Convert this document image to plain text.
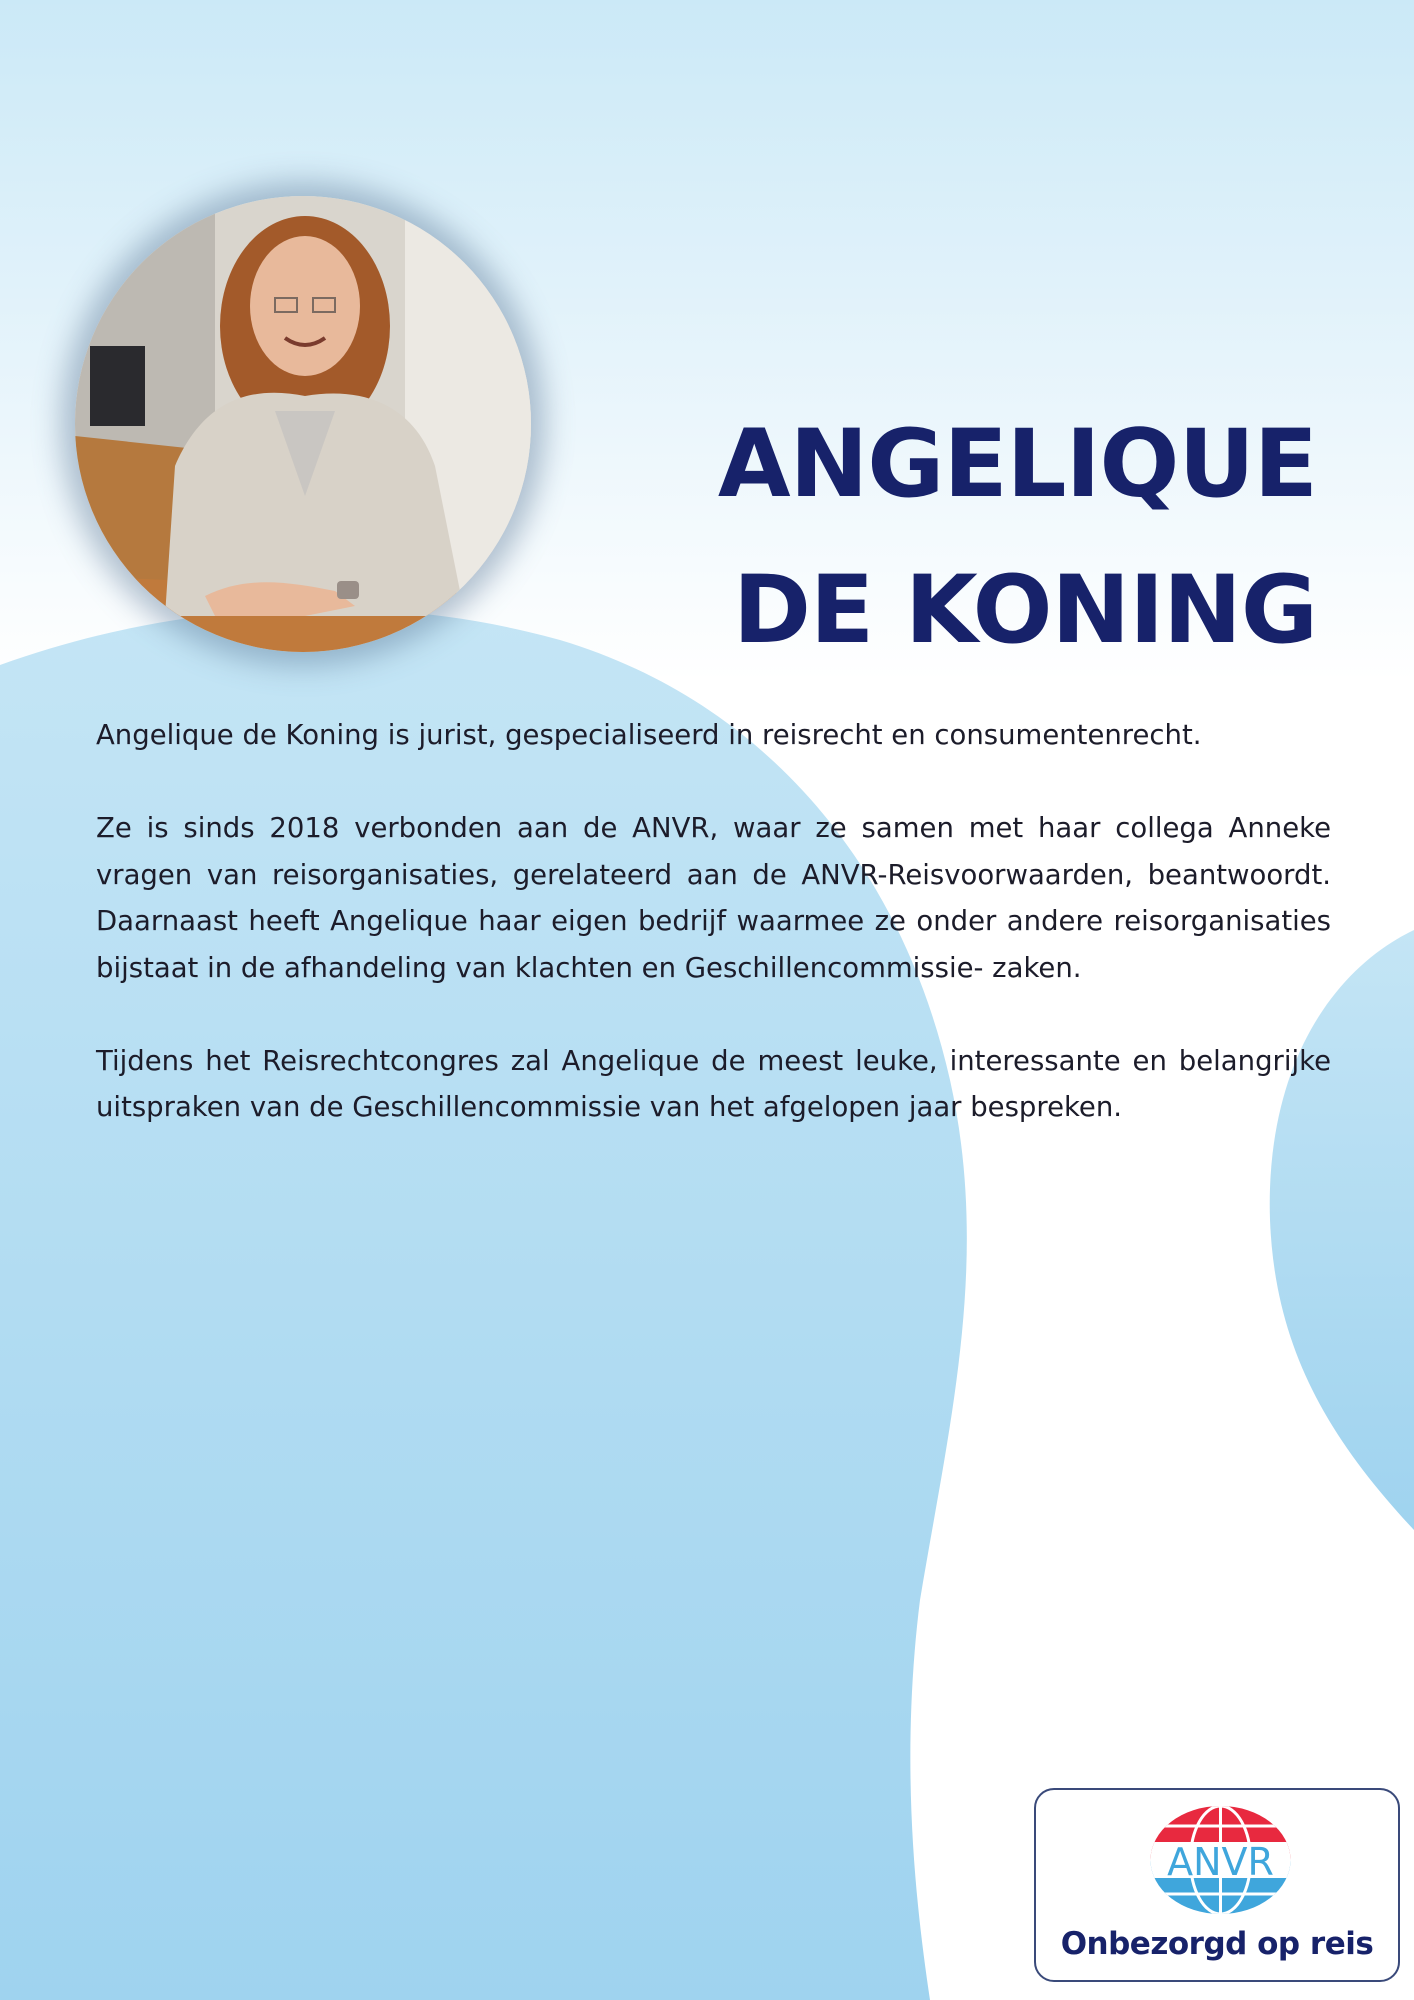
ANGELIQUE
DE KONING

Angelique de Koning is jurist, gespecialiseerd in reisrecht en consumentenrecht.

Ze is sinds 2018 verbonden aan de ANVR, waar ze samen met haar collega Anneke vragen van reisorganisaties, gerelateerd aan de ANVR-Reisvoorwaarden, beantwoordt. Daarnaast heeft Angelique haar eigen bedrijf waarmee ze onder andere reisorganisaties bijstaat in de afhandeling van klachten en Geschillencommissie- zaken.

Tijdens het Reisrechtcongres zal Angelique de meest leuke, interessante en belangrijke uitspraken van de Geschillencommissie van het afgelopen jaar bespreken.

ANVR
Onbezorgd op reis
